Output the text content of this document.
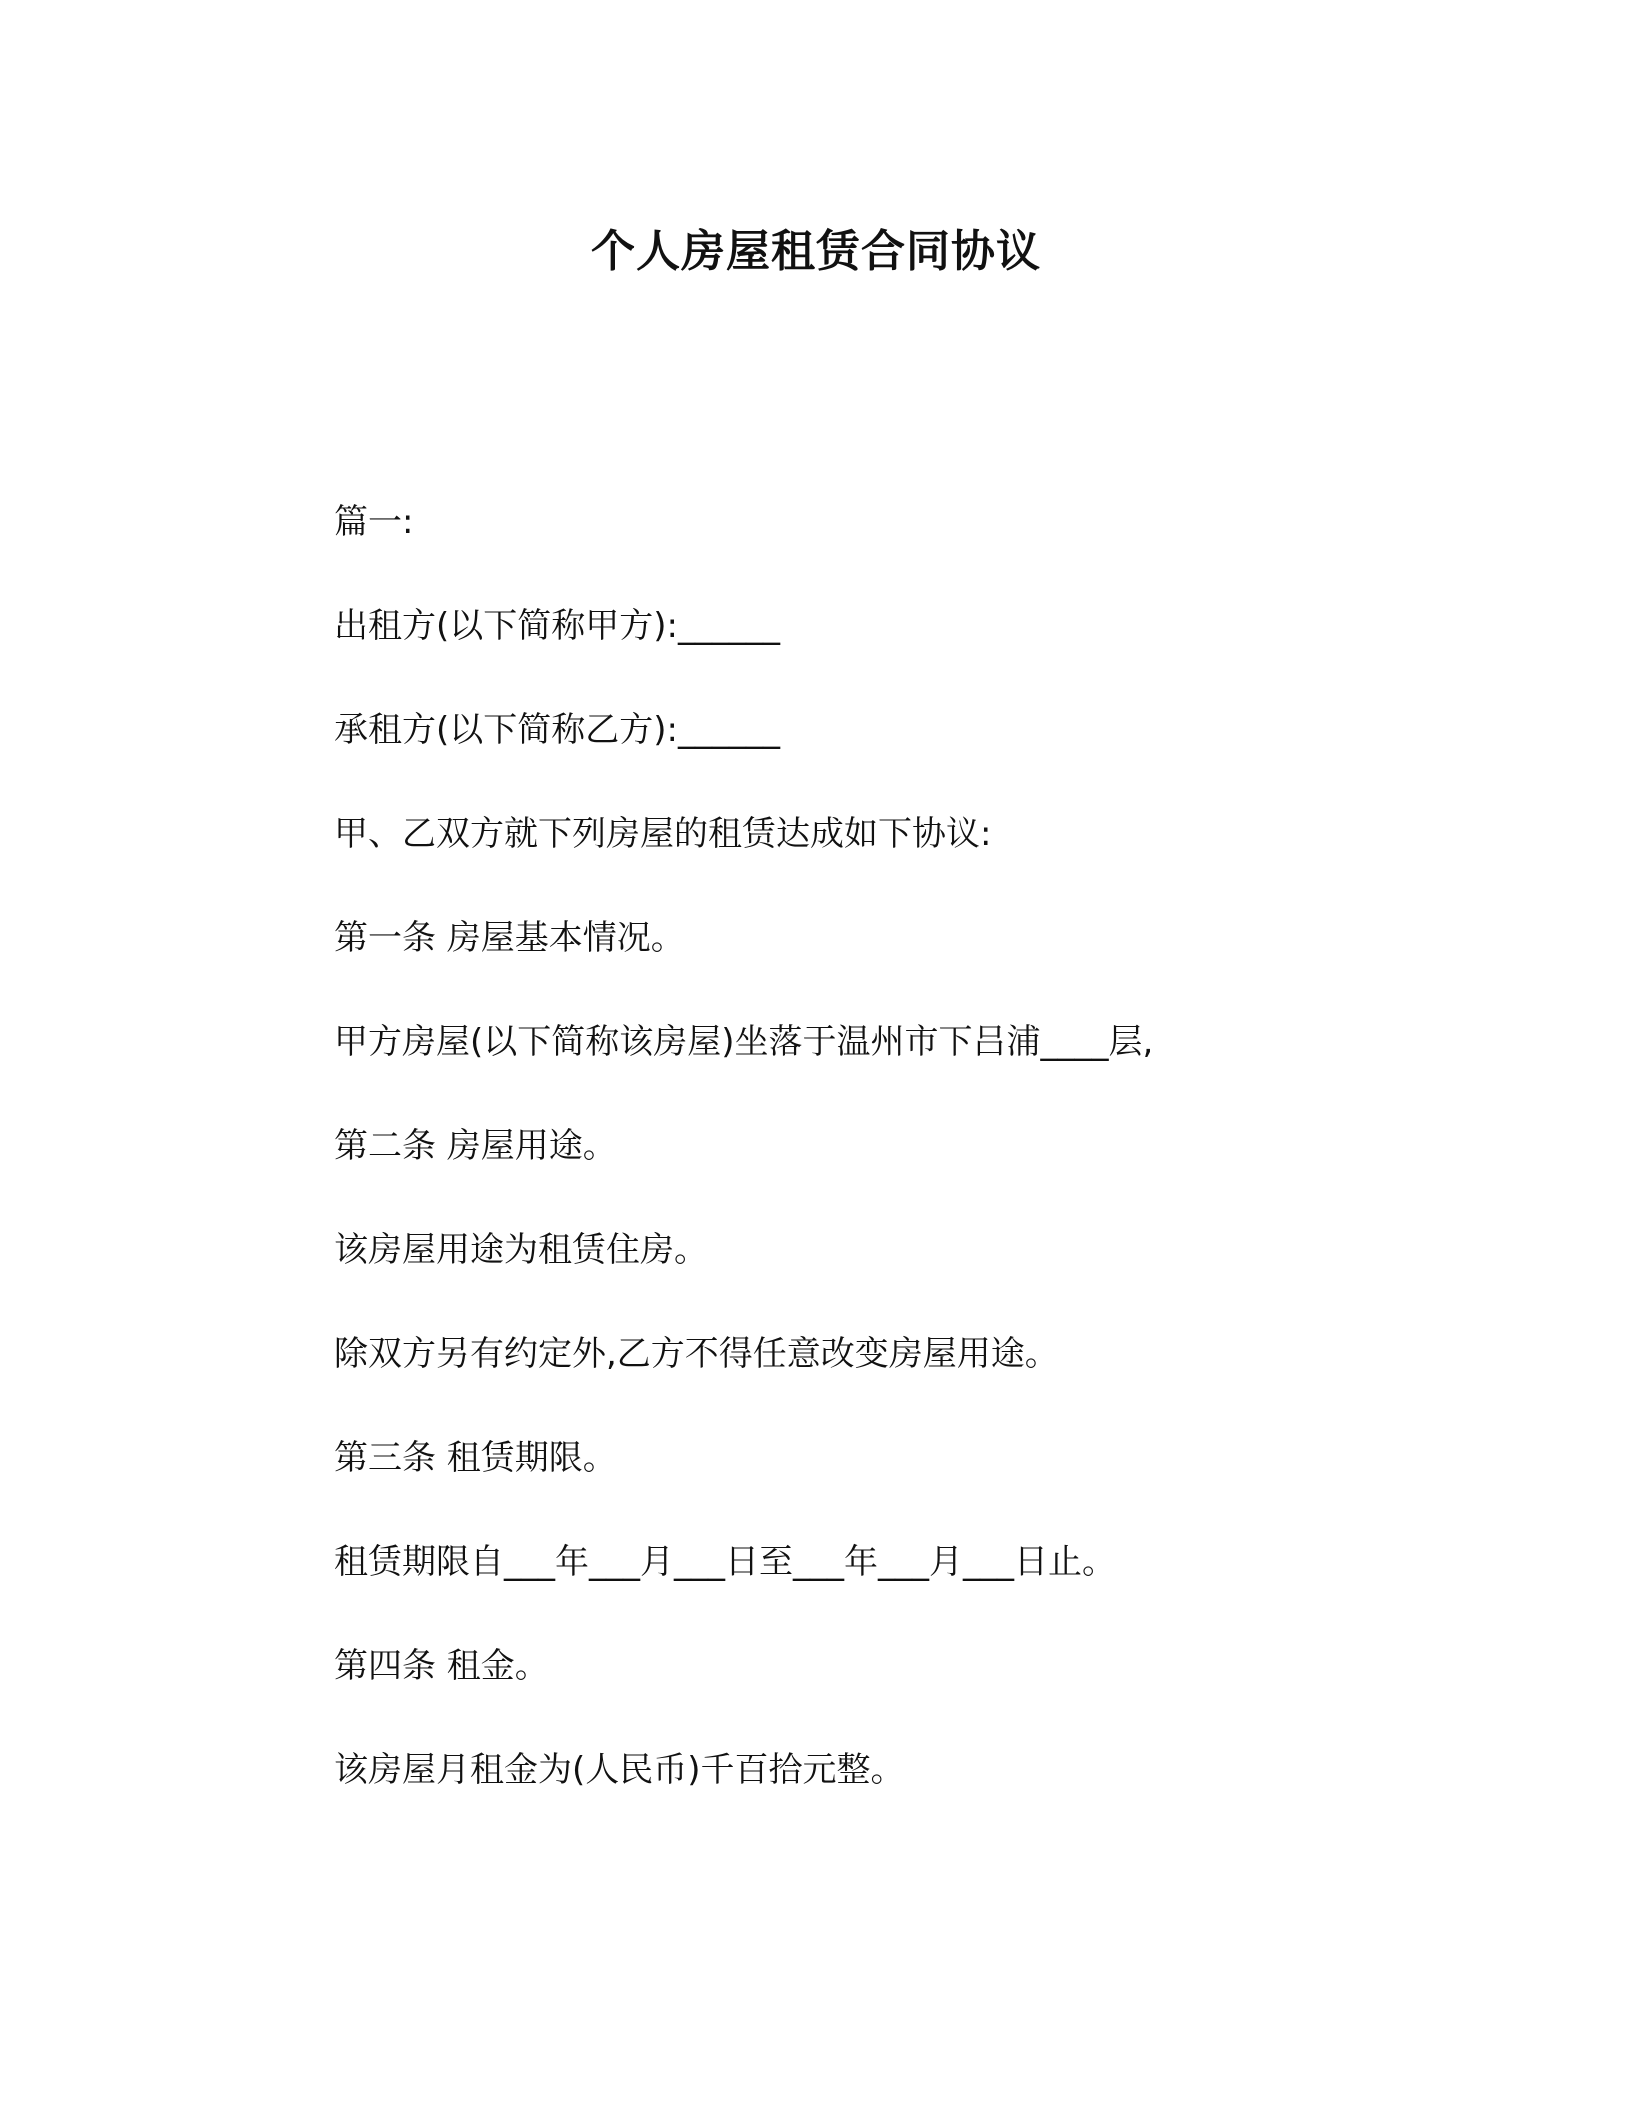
个人房屋租赁合同协议
篇一:
出租方(以下简称甲方):______
承租方(以下简称乙方):______
甲、乙双方就下列房屋的租赁达成如下协议:
第一条 房屋基本情况。
甲方房屋(以下简称该房屋)坐落于温州市下吕浦____层,
第二条 房屋用途。
该房屋用途为租赁住房。
除双方另有约定外,乙方不得任意改变房屋用途。
第三条 租赁期限。
租赁期限自___年___月___日至___年___月___日止。
第四条 租金。
该房屋月租金为(人民币)千百拾元整。
